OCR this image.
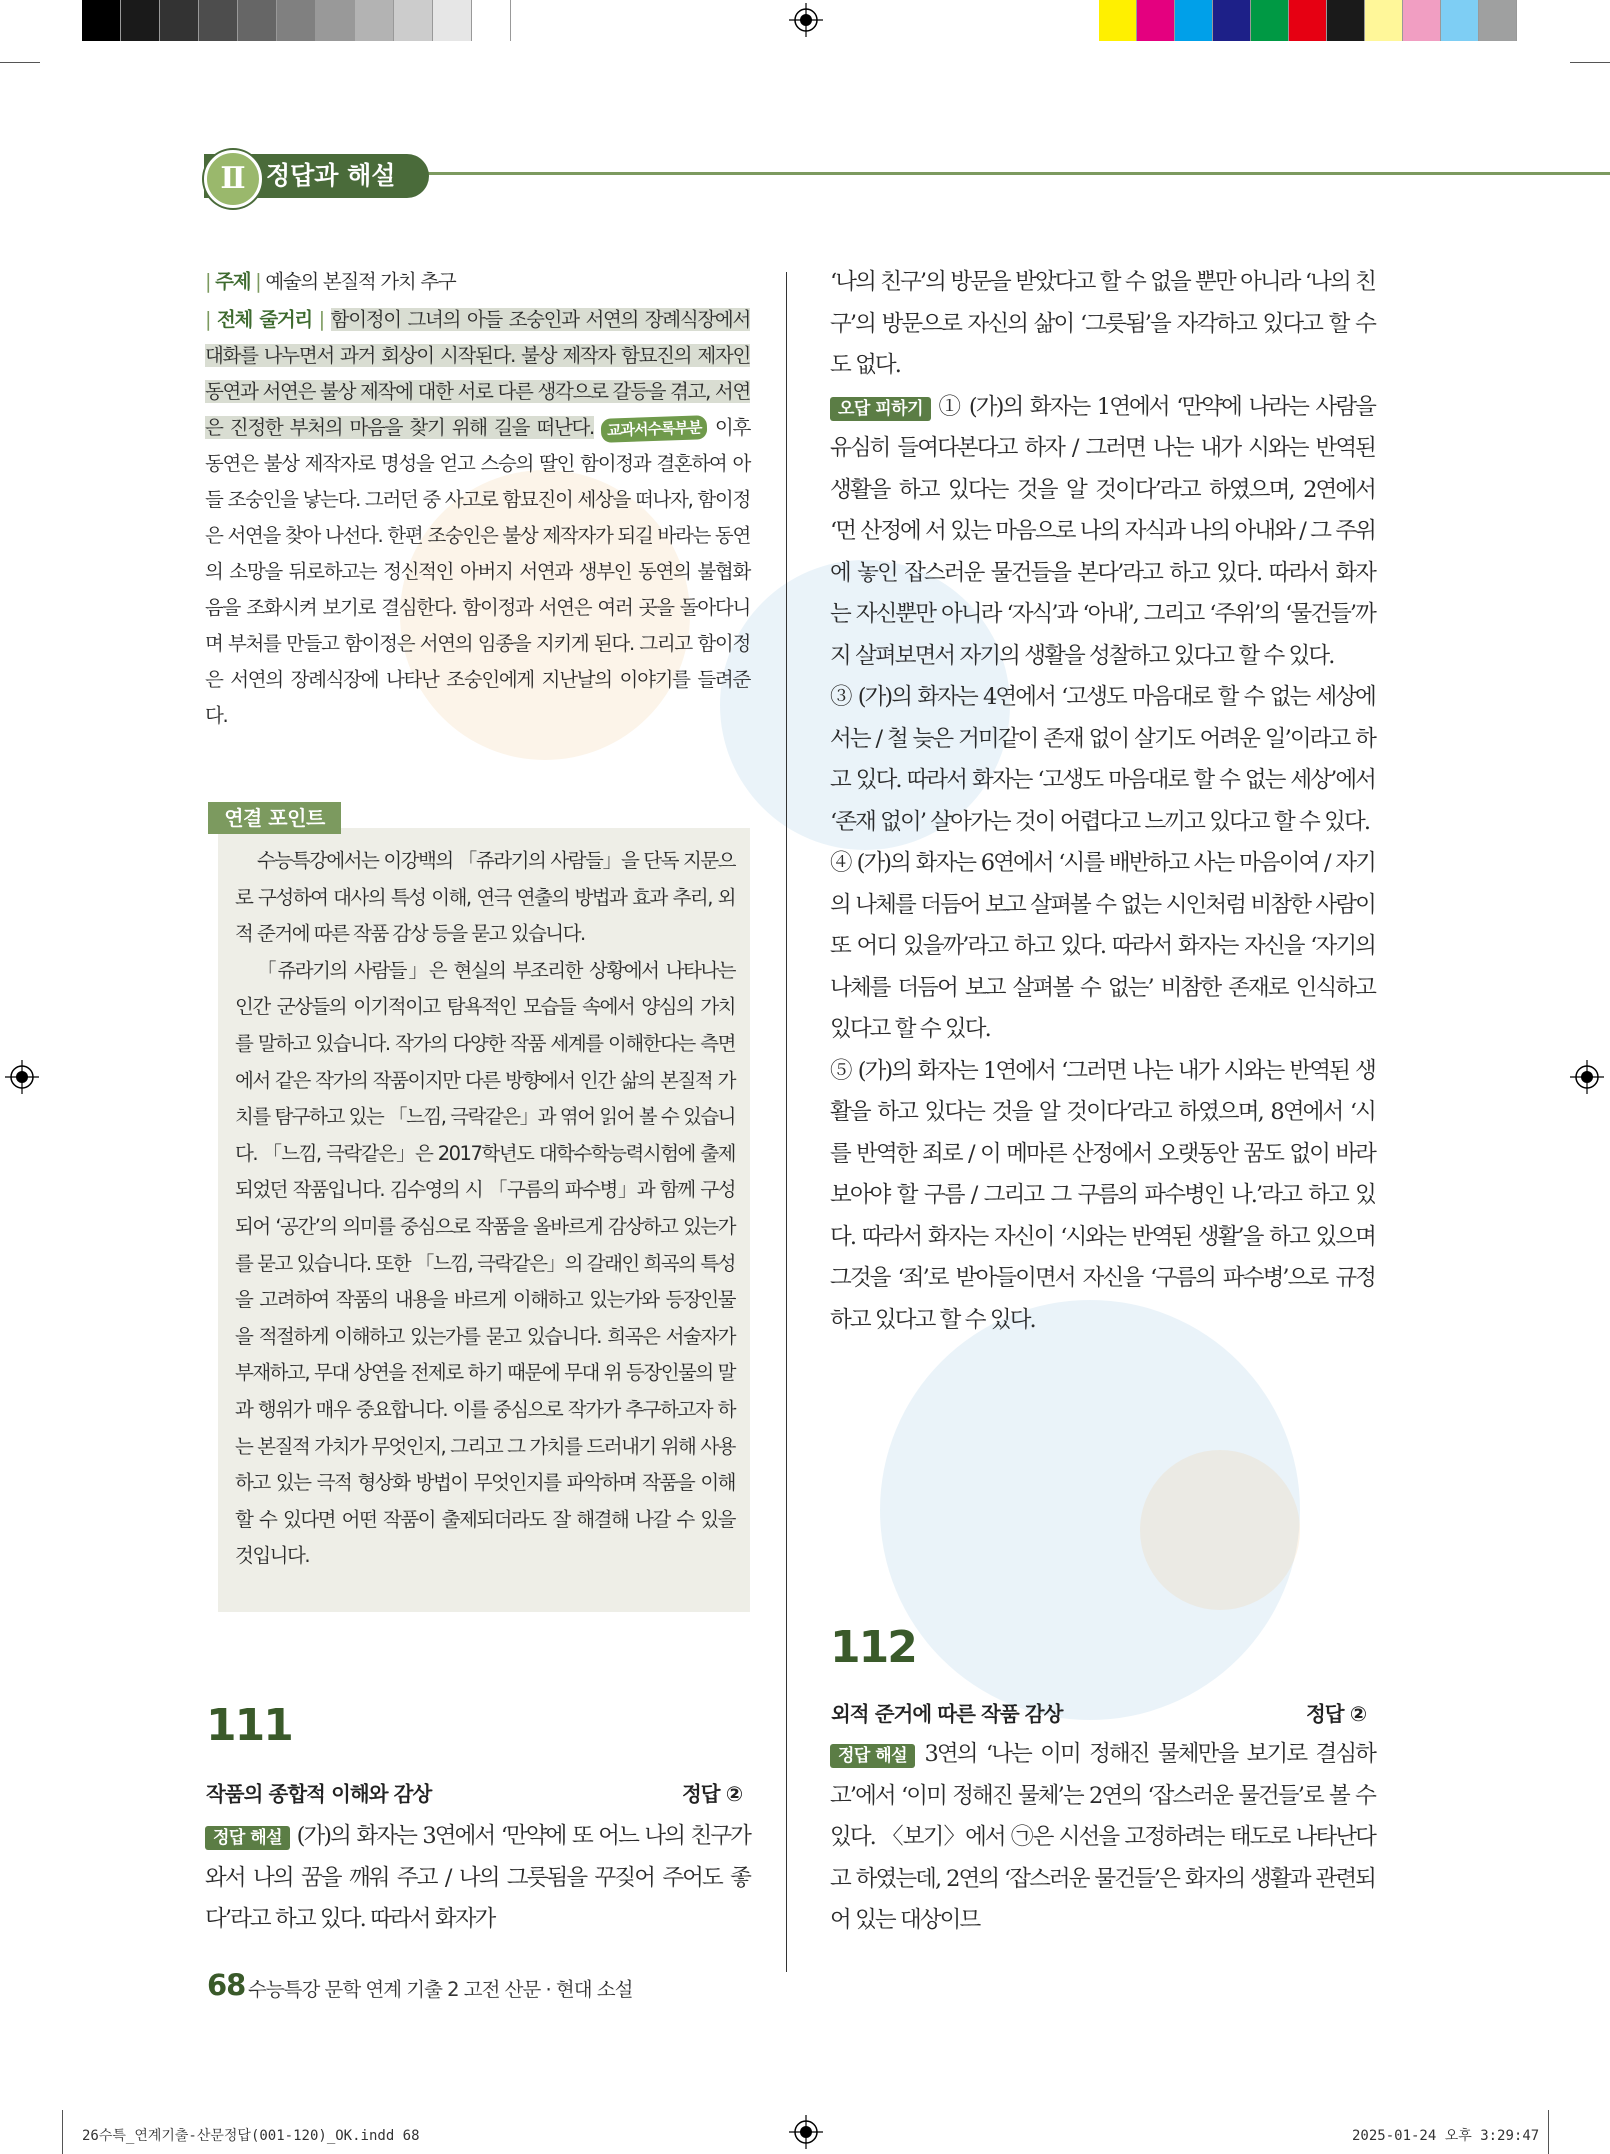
Ⅱ 정답과 해설
| 주제 | 예술의 본질적 가치 추구
| 전체 줄거리 | 함이정이 그녀의 아들 조숭인과 서연의 장례식장에서 대화를 나누면서 과거 회상이 시작된다. 불상 제작자 함묘진의 제자인 동연과 서연은 불상 제작에 대한 서로 다른 생각으로 갈등을 겪고, 서연은 진정한 부처의 마음을 찾기 위해 길을 떠난다. 교과서수록부분 이후 동연은 불상 제작자로 명성을 얻고 스승의 딸인 함이정과 결혼하여 아들 조숭인을 낳는다. 그러던 중 사고로 함묘진이 세상을 떠나자, 함이정은 서연을 찾아 나선다. 한편 조숭인은 불상 제작자가 되길 바라는 동연의 소망을 뒤로하고는 정신적인 아버지 서연과 생부인 동연의 불협화음을 조화시켜 보기로 결심한다. 함이정과 서연은 여러 곳을 돌아다니며 부처를 만들고 함이정은 서연의 임종을 지키게 된다. 그리고 함이정은 서연의 장례식장에 나타난 조숭인에게 지난날의 이야기를 들려준다.
연결 포인트

수능특강에서는 이강백의 「쥬라기의 사람들」을 단독 지문으로 구성하여 대사의 특성 이해, 연극 연출의 방법과 효과 추리, 외적 준거에 따른 작품 감상 등을 묻고 있습니다.

「쥬라기의 사람들」은 현실의 부조리한 상황에서 나타나는 인간 군상들의 이기적이고 탐욕적인 모습들 속에서 양심의 가치를 말하고 있습니다. 작가의 다양한 작품 세계를 이해한다는 측면에서 같은 작가의 작품이지만 다른 방향에서 인간 삶의 본질적 가치를 탐구하고 있는 「느낌, 극락같은」과 엮어 읽어 볼 수 있습니다. 「느낌, 극락같은」은 2017학년도 대학수학능력시험에 출제되었던 작품입니다. 김수영의 시 「구름의 파수병」과 함께 구성되어 ‘공간’의 의미를 중심으로 작품을 올바르게 감상하고 있는가를 묻고 있습니다. 또한 「느낌, 극락같은」의 갈래인 희곡의 특성을 고려하여 작품의 내용을 바르게 이해하고 있는가와 등장인물을 적절하게 이해하고 있는가를 묻고 있습니다. 희곡은 서술자가 부재하고, 무대 상연을 전제로 하기 때문에 무대 위 등장인물의 말과 행위가 매우 중요합니다. 이를 중심으로 작가가 추구하고자 하는 본질적 가치가 무엇인지, 그리고 그 가치를 드러내기 위해 사용하고 있는 극적 형상화 방법이 무엇인지를 파악하며 작품을 이해할 수 있다면 어떤 작품이 출제되더라도 잘 해결해 나갈 수 있을 것입니다.

111
작품의 종합적 이해와 감상	정답 ②
정답 해설 (가)의 화자는 3연에서 ‘만약에 또 어느 나의 친구가 와서 나의 꿈을 깨워 주고 / 나의 그릇됨을 꾸짖어 주어도 좋다’라고 하고 있다. 따라서 화자가
‘나의 친구’의 방문을 받았다고 할 수 없을 뿐만 아니라 ‘나의 친구’의 방문으로 자신의 삶이 ‘그릇됨’을 자각하고 있다고 할 수도 없다.
오답 피하기 ① (가)의 화자는 1연에서 ‘만약에 나라는 사람을 유심히 들여다본다고 하자 / 그러면 나는 내가 시와는 반역된 생활을 하고 있다는 것을 알 것이다’라고 하였으며, 2연에서 ‘먼 산정에 서 있는 마음으로 나의 자식과 나의 아내와 / 그 주위에 놓인 잡스러운 물건들을 본다’라고 하고 있다. 따라서 화자는 자신뿐만 아니라 ‘자식’과 ‘아내’, 그리고 ‘주위’의 ‘물건들’까지 살펴보면서 자기의 생활을 성찰하고 있다고 할 수 있다.
③ (가)의 화자는 4연에서 ‘고생도 마음대로 할 수 없는 세상에서는 / 철 늦은 거미같이 존재 없이 살기도 어려운 일’이라고 하고 있다. 따라서 화자는 ‘고생도 마음대로 할 수 없는 세상’에서 ‘존재 없이’ 살아가는 것이 어렵다고 느끼고 있다고 할 수 있다.
④ (가)의 화자는 6연에서 ‘시를 배반하고 사는 마음이여 / 자기의 나체를 더듬어 보고 살펴볼 수 없는 시인처럼 비참한 사람이 또 어디 있을까’라고 하고 있다. 따라서 화자는 자신을 ‘자기의 나체를 더듬어 보고 살펴볼 수 없는’ 비참한 존재로 인식하고 있다고 할 수 있다.
⑤ (가)의 화자는 1연에서 ‘그러면 나는 내가 시와는 반역된 생활을 하고 있다는 것을 알 것이다’라고 하였으며, 8연에서 ‘시를 반역한 죄로 / 이 메마른 산정에서 오랫동안 꿈도 없이 바라보아야 할 구름 / 그리고 그 구름의 파수병인 나.’라고 하고 있다. 따라서 화자는 자신이 ‘시와는 반역된 생활’을 하고 있으며 그것을 ‘죄’로 받아들이면서 자신을 ‘구름의 파수병’으로 규정하고 있다고 할 수 있다.
112
외적 준거에 따른 작품 감상	정답 ②
정답 해설 3연의 ‘나는 이미 정해진 물체만을 보기로 결심하고’에서 ‘이미 정해진 물체’는 2연의 ‘잡스러운 물건들’로 볼 수 있다. 〈보기〉에서 ㉠은 시선을 고정하려는 태도로 나타난다고 하였는데, 2연의 ‘잡스러운 물건들’은 화자의 생활과 관련되어 있는 대상이므
68 수능특강 문학 연계 기출 2 고전 산문 · 현대 소설
26수특_연계기출-산문정답(001-120)_OK.indd 68	2025-01-24 오후 3:29:47
